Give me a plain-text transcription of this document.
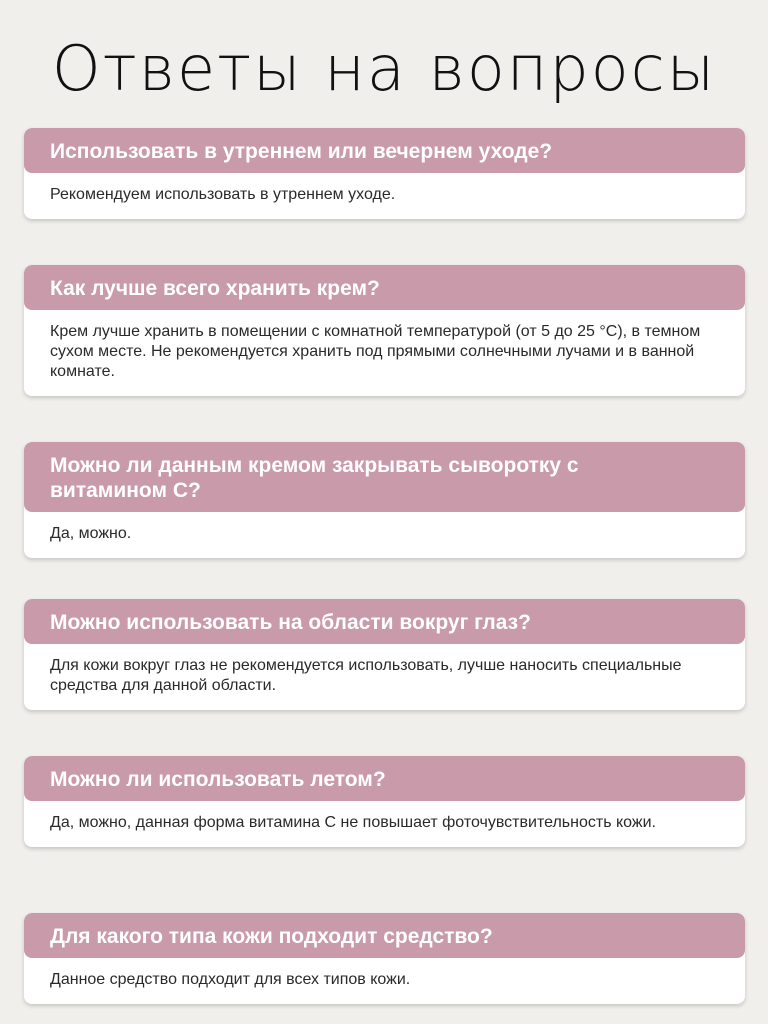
Ответы на вопросы
Использовать в утреннем или вечернем уходе?
Рекомендуем использовать в утреннем уходе.
Как лучше всего хранить крем?
Крем лучше хранить в помещении с комнатной температурой (от 5 до 25 °С), в темном сухом месте. Не рекомендуется хранить под прямыми солнечными лучами и в ванной комнате.
Можно ли данным кремом закрывать сыворотку с витамином С?
Да, можно.
Можно использовать на области вокруг глаз?
Для кожи вокруг глаз не рекомендуется использовать, лучше наносить специальные средства для данной области.
Можно ли использовать летом?
Да, можно, данная форма витамина С не повышает фоточувствительность кожи.
Для какого типа кожи подходит средство?
Данное средство подходит для всех типов кожи.
